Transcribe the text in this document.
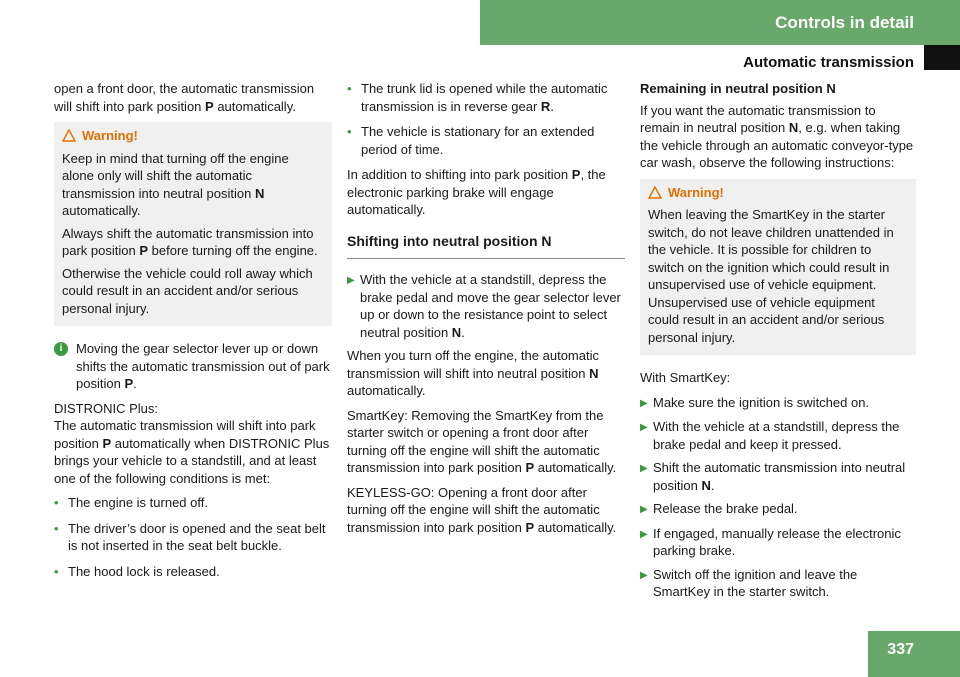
Controls in detail
Automatic transmission

open a front door, the automatic transmission will shift into park position P automatically.

Warning!

Keep in mind that turning off the engine alone only will shift the automatic transmission into neutral position N automatically.

Always shift the automatic transmission into park position P before turning off the engine.

Otherwise the vehicle could roll away which could result in an accident and/or serious personal injury.

i	Moving the gear selector lever up or down shifts the automatic transmission out of park position P.

DISTRONIC Plus:
The automatic transmission will shift into park position P automatically when DISTRONIC Plus brings your vehicle to a standstill, and at least one of the following conditions is met:

• The engine is turned off.
• The driver’s door is opened and the seat belt is not inserted in the seat belt buckle.
• The hood lock is released.
• The trunk lid is opened while the automatic transmission is in reverse gear R.
• The vehicle is stationary for an extended period of time.

In addition to shifting into park position P, the electronic parking brake will engage automatically.

Shifting into neutral position N
▶ With the vehicle at a standstill, depress the brake pedal and move the gear selector lever up or down to the resistance point to select neutral position N.

When you turn off the engine, the automatic transmission will shift into neutral position N automatically.

SmartKey: Removing the SmartKey from the starter switch or opening a front door after turning off the engine will shift the automatic transmission into park position P automatically.

KEYLESS-GO: Opening a front door after turning off the engine will shift the automatic transmission into park position P automatically.

Remaining in neutral position N

If you want the automatic transmission to remain in neutral position N, e.g. when taking the vehicle through an automatic conveyor-type car wash, observe the following instructions:

Warning!

When leaving the SmartKey in the starter switch, do not leave children unattended in the vehicle. It is possible for children to switch on the ignition which could result in unsupervised use of vehicle equipment. Unsupervised use of vehicle equipment could result in an accident and/or serious personal injury.

With SmartKey:

▶ Make sure the ignition is switched on.
▶ With the vehicle at a standstill, depress the brake pedal and keep it pressed.
▶ Shift the automatic transmission into neutral position N.
▶ Release the brake pedal.
▶ If engaged, manually release the electronic parking brake.
▶ Switch off the ignition and leave the SmartKey in the starter switch.
337
